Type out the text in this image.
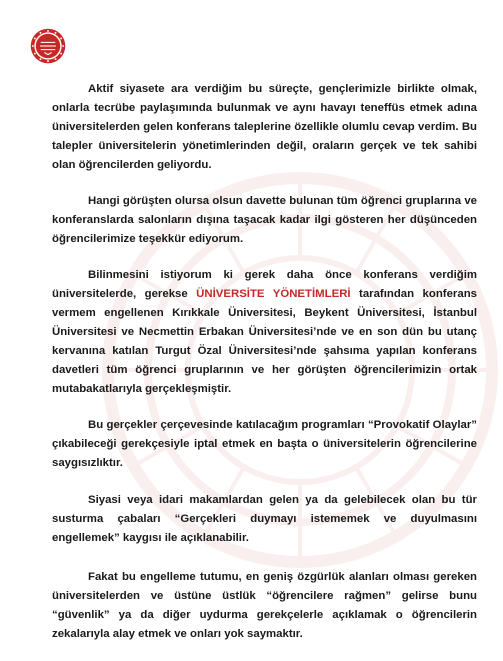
Aktif siyasete ara verdiğim bu süreçte, gençlerimizle birlikte olmak, onlarla tecrübe paylaşımında bulunmak ve aynı havayı teneffüs etmek adına üniversitelerden gelen konferans taleplerine özellikle olumlu cevap verdim. Bu talepler üniversitelerin yönetimlerinden değil, oraların gerçek ve tek sahibi olan öğrencilerden geliyordu.

Hangi görüşten olursa olsun davette bulunan tüm öğrenci gruplarına ve konferanslarda salonların dışına taşacak kadar ilgi gösteren her düşünceden öğrencilerimize teşekkür ediyorum.

Bilinmesini istiyorum ki gerek daha önce konferans verdiğim üniversitelerde, gerekse ÜNİVERSİTE YÖNETİMLERİ tarafından konferans vermem engellenen Kırıkkale Üniversitesi, Beykent Üniversitesi, İstanbul Üniversitesi ve Necmettin Erbakan Üniversitesi’nde ve en son dün bu utanç kervanına katılan Turgut Özal Üniversitesi’nde şahsıma yapılan konferans davetleri tüm öğrenci gruplarının ve her görüşten öğrencilerimizin ortak mutabakatlarıyla gerçekleşmiştir.

Bu gerçekler çerçevesinde katılacağım programları “Provokatif Olaylar” çıkabileceği gerekçesiyle iptal etmek en başta o üniversitelerin öğrencilerine saygısızlıktır.

Siyasi veya idari makamlardan gelen ya da gelebilecek olan bu tür susturma çabaları “Gerçekleri duymayı istememek ve duyulmasını engellemek” kaygısı ile açıklanabilir.

Fakat bu engelleme tutumu, en geniş özgürlük alanları olması gereken üniversitelerden ve üstüne üstlük “öğrencilere rağmen” gelirse bunu “güvenlik” ya da diğer uydurma gerekçelerle açıklamak o öğrencilerin zekalarıyla alay etmek ve onları yok saymaktır.
